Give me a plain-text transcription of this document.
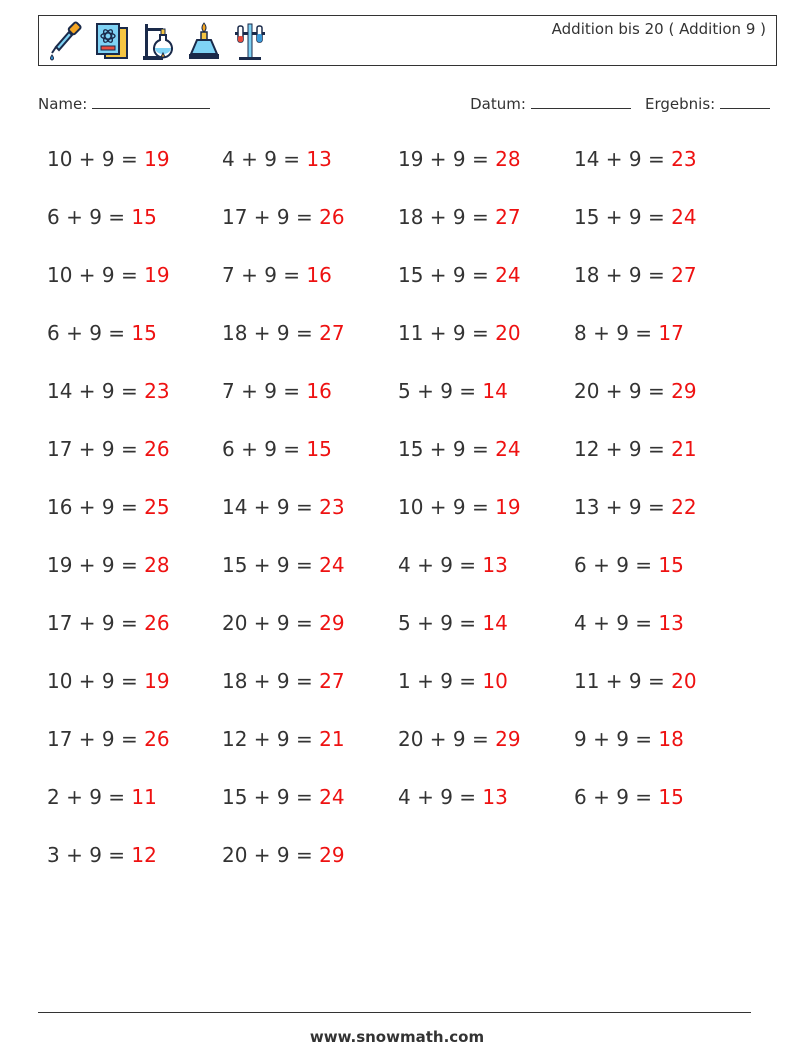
Addition bis 20 ( Addition 9 )
Name:	Datum:	Ergebnis:
10 + 9 = 19	4 + 9 = 13	19 + 9 = 28	14 + 9 = 23
6 + 9 = 15	17 + 9 = 26	18 + 9 = 27	15 + 9 = 24
10 + 9 = 19	7 + 9 = 16	15 + 9 = 24	18 + 9 = 27
6 + 9 = 15	18 + 9 = 27	11 + 9 = 20	8 + 9 = 17
14 + 9 = 23	7 + 9 = 16	5 + 9 = 14	20 + 9 = 29
17 + 9 = 26	6 + 9 = 15	15 + 9 = 24	12 + 9 = 21
16 + 9 = 25	14 + 9 = 23	10 + 9 = 19	13 + 9 = 22
19 + 9 = 28	15 + 9 = 24	4 + 9 = 13	6 + 9 = 15
17 + 9 = 26	20 + 9 = 29	5 + 9 = 14	4 + 9 = 13
10 + 9 = 19	18 + 9 = 27	1 + 9 = 10	11 + 9 = 20
17 + 9 = 26	12 + 9 = 21	20 + 9 = 29	9 + 9 = 18
2 + 9 = 11	15 + 9 = 24	4 + 9 = 13	6 + 9 = 15
3 + 9 = 12	20 + 9 = 29
www.snowmath.com
